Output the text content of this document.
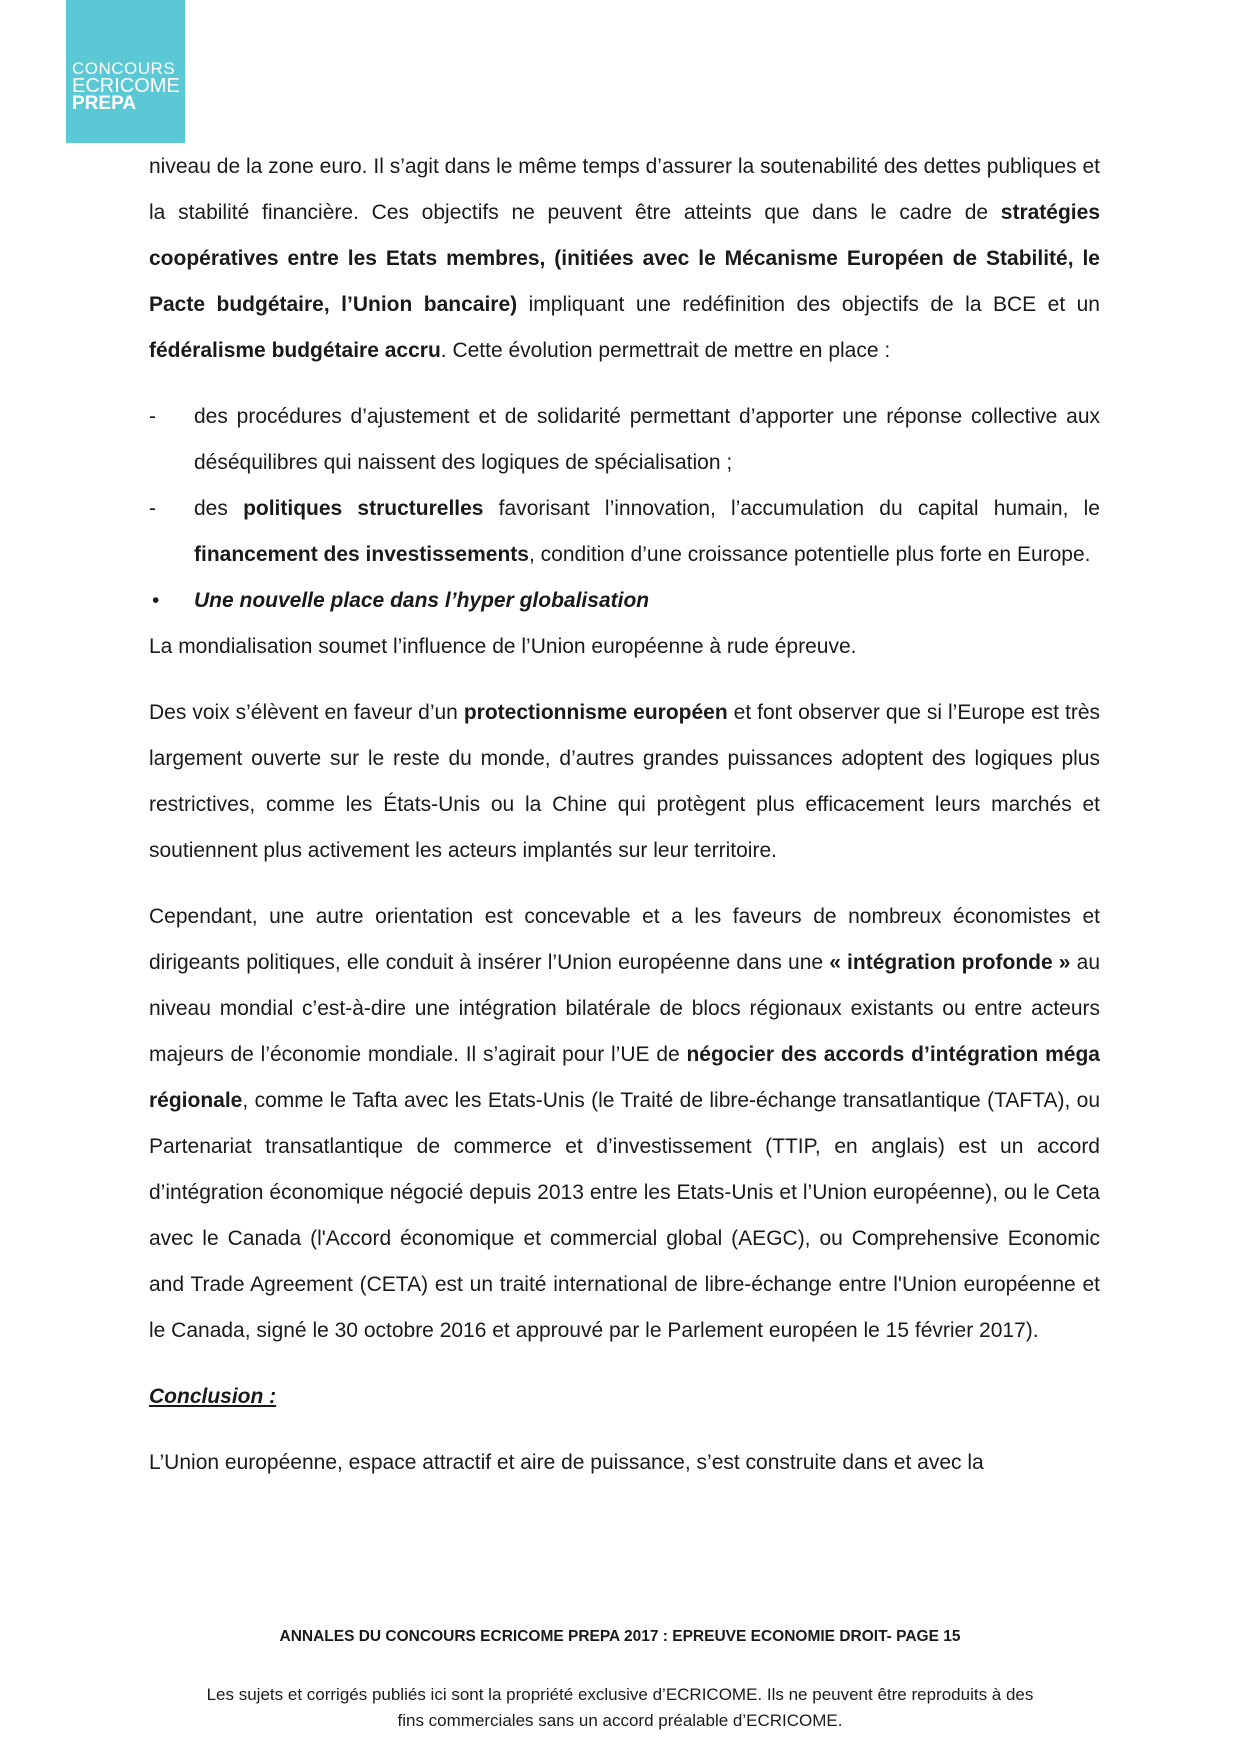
CONCOURS
ECRICOME
PREPA

niveau de la zone euro. Il s’agit dans le même temps d’assurer la soutenabilité des dettes publiques et la stabilité financière. Ces objectifs ne peuvent être atteints que dans le cadre de stratégies coopératives entre les Etats membres, (initiées avec le Mécanisme Européen de Stabilité, le Pacte budgétaire, l’Union bancaire) impliquant une redéfinition des objectifs de la BCE et un fédéralisme budgétaire accru. Cette évolution permettrait de mettre en place :

- des procédures d’ajustement et de solidarité permettant d’apporter une réponse collective aux déséquilibres qui naissent des logiques de spécialisation ;
- des politiques structurelles favorisant l’innovation, l’accumulation du capital humain, le financement des investissements, condition d’une croissance potentielle plus forte en Europe.

• Une nouvelle place dans l’hyper globalisation

La mondialisation soumet l’influence de l’Union européenne à rude épreuve.

Des voix s’élèvent en faveur d’un protectionnisme européen et font observer que si l’Europe est très largement ouverte sur le reste du monde, d’autres grandes puissances adoptent des logiques plus restrictives, comme les États-Unis ou la Chine qui protègent plus efficacement leurs marchés et soutiennent plus activement les acteurs implantés sur leur territoire.

Cependant, une autre orientation est concevable et a les faveurs de nombreux économistes et dirigeants politiques, elle conduit à insérer l’Union européenne dans une « intégration profonde » au niveau mondial c’est-à-dire une intégration bilatérale de blocs régionaux existants ou entre acteurs majeurs de l’économie mondiale. Il s’agirait pour l’UE de négocier des accords d’intégration méga régionale, comme le Tafta avec les Etats-Unis (le Traité de libre-échange transatlantique (TAFTA), ou Partenariat transatlantique de commerce et d’investissement (TTIP, en anglais) est un accord d’intégration économique négocié depuis 2013 entre les Etats-Unis et l’Union européenne), ou le Ceta avec le Canada (l'Accord économique et commercial global (AEGC), ou Comprehensive Economic and Trade Agreement (CETA) est un traité international de libre-échange entre l'Union européenne et le Canada, signé le 30 octobre 2016 et approuvé par le Parlement européen le 15 février 2017).

Conclusion :

L’Union européenne, espace attractif et aire de puissance, s’est construite dans et avec la

ANNALES DU CONCOURS ECRICOME PREPA 2017 : EPREUVE ECONOMIE DROIT- PAGE 15
Les sujets et corrigés publiés ici sont la propriété exclusive d’ECRICOME. Ils ne peuvent être reproduits à des
fins commerciales sans un accord préalable d’ECRICOME.
